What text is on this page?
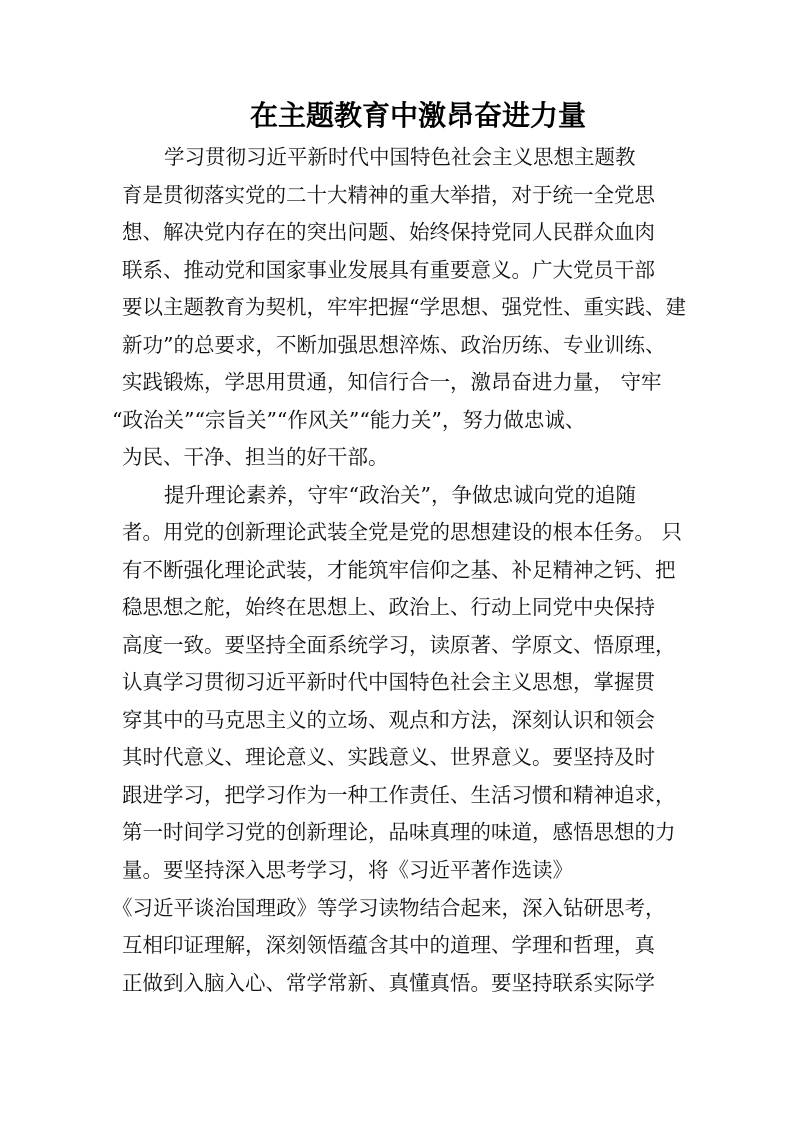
在主题教育中激昂奋进力量
学习贯彻习近平新时代中国特色社会主义思想主题教
育是贯彻落实党的二十大精神的重大举措，对于统一全党思
想、解决党内存在的突出问题、始终保持党同人民群众血肉
联系、推动党和国家事业发展具有重要意义。广大党员干部
要以主题教育为契机，牢牢把握“学思想、强党性、重实践、建
新功”的总要求，不断加强思想淬炼、政治历练、专业训练、
实践锻炼，学思用贯通，知信行合一，激昂奋进力量， 守牢
“政治关”“宗旨关”“作风关”“能力关”，努力做忠诚、
为民、干净、担当的好干部。
提升理论素养，守牢“政治关”，争做忠诚向党的追随
者。用党的创新理论武装全党是党的思想建设的根本任务。 只
有不断强化理论武装，才能筑牢信仰之基、补足精神之钙、把
稳思想之舵，始终在思想上、政治上、行动上同党中央保持
高度一致。要坚持全面系统学习，读原著、学原文、悟原理，
认真学习贯彻习近平新时代中国特色社会主义思想，掌握贯
穿其中的马克思主义的立场、观点和方法，深刻认识和领会
其时代意义、理论意义、实践意义、世界意义。要坚持及时
跟进学习，把学习作为一种工作责任、生活习惯和精神追求，
第一时间学习党的创新理论，品味真理的味道，感悟思想的力
量。要坚持深入思考学习，将《习近平著作选读》
《习近平谈治国理政》等学习读物结合起来，深入钻研思考，
互相印证理解，深刻领悟蕴含其中的道理、学理和哲理，真
正做到入脑入心、常学常新、真懂真悟。要坚持联系实际学
